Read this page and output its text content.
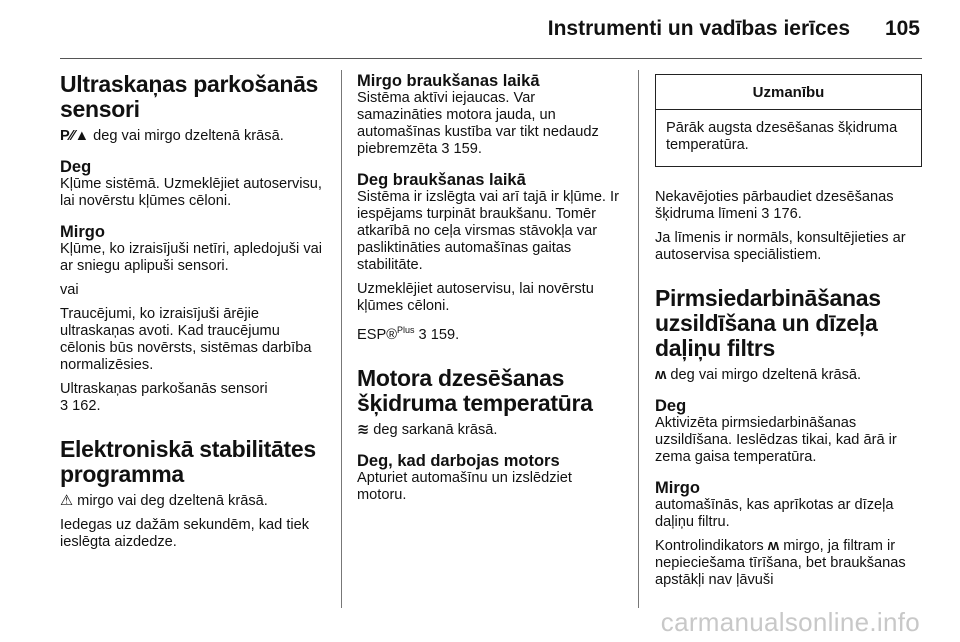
Instrumenti un vadības ierīces 105
Ultraskaņas parkošanās sensori

P⁄⁄▲ deg vai mirgo dzeltenā krāsā.

Deg

Kļūme sistēmā. Uzmeklējiet autoservisu, lai novērstu kļūmes cēloni.

Mirgo

Kļūme, ko izraisījuši netīri, apledojuši vai ar sniegu aplipuši sensori.

vai

Traucējumi, ko izraisījuši ārējie ultraskaņas avoti. Kad traucējumu cēlonis būs novērsts, sistēmas darbība normalizēsies.

Ultraskaņas parkošanās sensori
3 162.

Elektroniskā stabilitātes programma

⚠ mirgo vai deg dzeltenā krāsā.

Iedegas uz dažām sekundēm, kad tiek ieslēgta aizdedze.

Mirgo braukšanas laikā

Sistēma aktīvi iejaucas. Var samazināties motora jauda, un automašīnas kustība var tikt nedaudz piebremzēta 3 159.

Deg braukšanas laikā

Sistēma ir izslēgta vai arī tajā ir kļūme. Ir iespējams turpināt braukšanu. Tomēr atkarībā no ceļa virsmas stāvokļa var pasliktināties automašīnas gaitas stabilitāte.

Uzmeklējiet autoservisu, lai novērstu kļūmes cēloni.

ESP®$^{Plus}$ 3 159.

Motora dzesēšanas šķidruma temperatūra

≋ deg sarkanā krāsā.

Deg, kad darbojas motors

Apturiet automašīnu un izslēdziet motoru.

Uzmanību
Pārāk augsta dzesēšanas šķidruma temperatūra.

Nekavējoties pārbaudiet dzesēšanas šķidruma līmeni 3 176.

Ja līmenis ir normāls, konsultējieties ar autoservisa speciālistiem.

Pirmsiedarbināšanas uzsildīšana un dīzeļa daļiņu filtrs

ʍ deg vai mirgo dzeltenā krāsā.

Deg

Aktivizēta pirmsiedarbināšanas uzsildīšana. Ieslēdzas tikai, kad ārā ir zema gaisa temperatūra.

Mirgo

automašīnās, kas aprīkotas ar dīzeļa daļiņu filtru.

Kontrolindikators ʍ mirgo, ja filtram ir nepieciešama tīrīšana, bet braukšanas apstākļi nav ļāvuši

carmanualsonline.info
